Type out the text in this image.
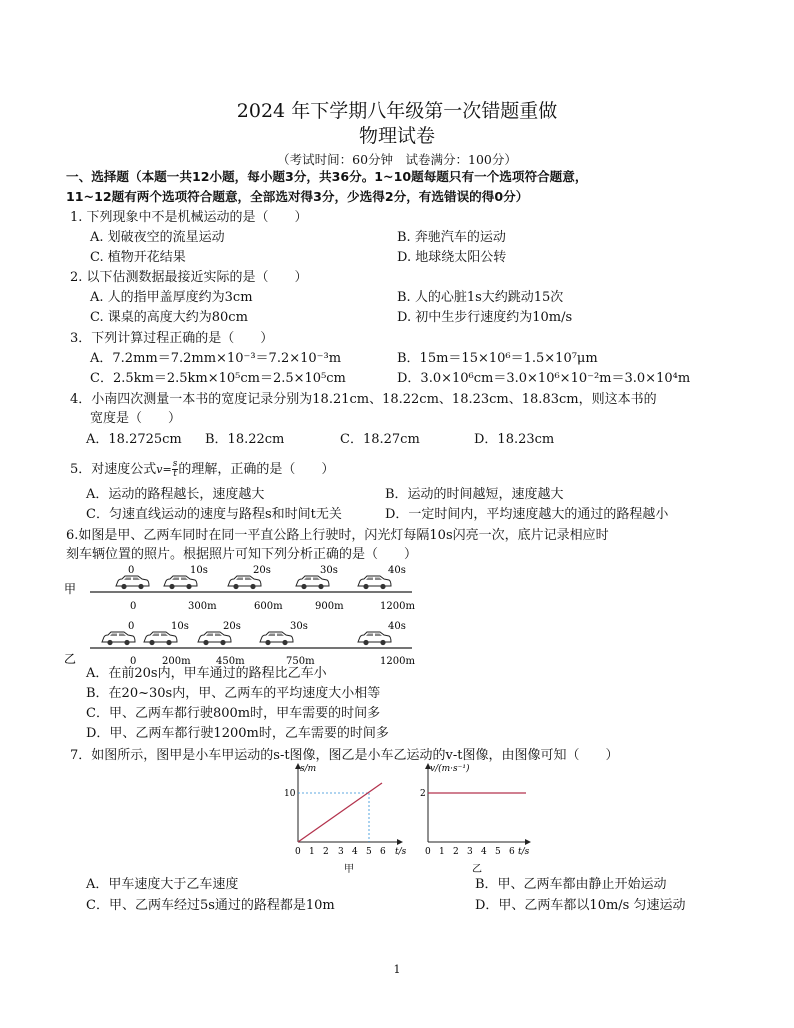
2024 年下学期八年级第一次错题重做
物理试卷
（考试时间：60分钟　试卷满分：100分）
一、选择题（本题一共12小题，每小题3分，共36分。1~10题每题只有一个选项符合题意，
11~12题有两个选项符合题意，全部选对得3分，少选得2分，有选错误的得0分）
1. 下列现象中不是机械运动的是（　　）
A. 划破夜空的流星运动	B. 奔驰汽车的运动
C. 植物开花结果	D. 地球绕太阳公转
2. 以下估测数据最接近实际的是（　　）
A. 人的指甲盖厚度约为3cm	B. 人的心脏1s大约跳动15次
C. 课桌的高度大约为80cm	D. 初中生步行速度约为10m/s
3．下列计算过程正确的是（　　）
A．7.2mm＝7.2mm×10⁻³＝7.2×10⁻³m	B．15m＝15×10⁶＝1.5×10⁷μm
C．2.5km＝2.5km×10⁵cm＝2.5×10⁵cm	D．3.0×10⁶cm＝3.0×10⁶×10⁻²m＝3.0×10⁴m
4．小南四次测量一本书的宽度记录分别为18.21cm、18.22cm、18.23cm、18.83cm，则这本书的
宽度是（　　）
A．18.2725cm B．18.22cm	C．18.27cm	D．18.23cm
5．对速度公式$v= \frac{s}{t}$ 的理解，正确的是（　　）
A．运动的路程越长，速度越大	B．运动的时间越短，速度越大
C．匀速直线运动的速度与路程s和时间t无关	D．一定时间内，平均速度越大的通过的路程越小
6.如图是甲、乙两车同时在同一平直公路上行驶时，闪光灯每隔10s闪亮一次，底片记录相应时
刻车辆位置的照片。根据照片可知下列分析正确的是（　　）
甲
0	10s	20s	30s	40s
0	300m	600m	900m	1200m
乙
0	10s	20s	30s	40s
0	200m	450m	750m	1200m
A．在前20s内，甲车通过的路程比乙车小
B．在20~30s内，甲、乙两车的平均速度大小相等
C．甲、乙两车都行驶800m时，甲车需要的时间多
D．甲、乙两车都行驶1200m时，乙车需要的时间多
7．如图所示，图甲是小车甲运动的s-t图像，图乙是小车乙运动的v-t图像，由图像可知（　　）
s/m
t/s
10
0 1 2 3 4 5 6
甲
v/(m·s⁻¹)
t/s
2
0 1 2 3 4 5 6
乙
A．甲车速度大于乙车速度	B．甲、乙两车都由静止开始运动
C．甲、乙两车经过5s通过的路程都是10m	D．甲、乙两车都以10m/s 匀速运动
1
